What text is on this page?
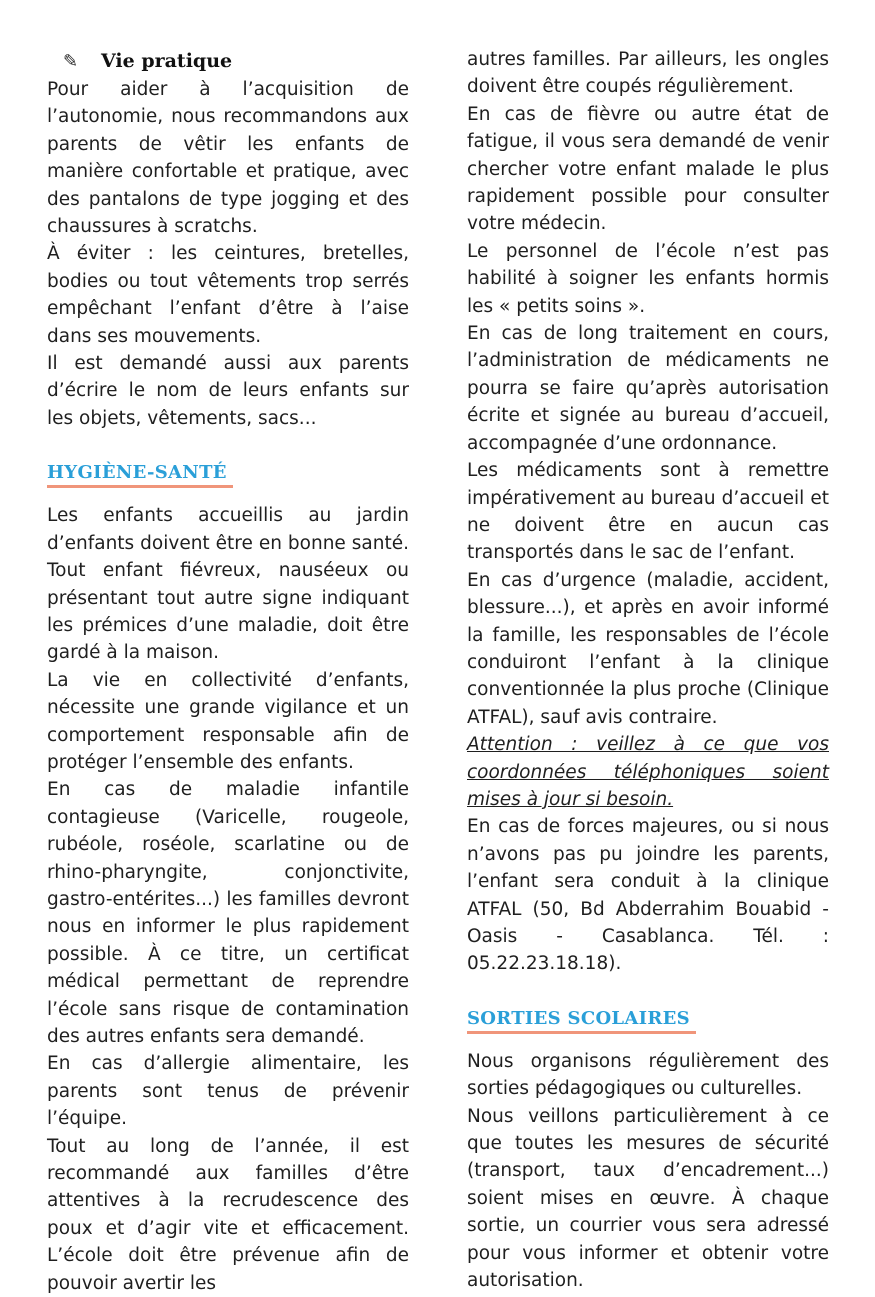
✎	Vie pratique

Pour aider à l’acquisition de l’autonomie, nous recommandons aux parents de vêtir les enfants de manière confortable et pratique, avec des pantalons de type jogging et des chaussures à scratchs.

À éviter : les ceintures, bretelles, bodies ou tout vêtements trop serrés empêchant l’enfant d’être à l’aise dans ses mouvements.

Il est demandé aussi aux parents d’écrire le nom de leurs enfants sur les objets, vêtements, sacs...

HYGIÈNE-SANTÉ

Les enfants accueillis au jardin d’enfants doivent être en bonne santé. Tout enfant fiévreux, nauséeux ou présentant tout autre signe indiquant les prémices d’une maladie, doit être gardé à la maison.

La vie en collectivité d’enfants, nécessite une grande vigilance et un comportement responsable afin de protéger l’ensemble des enfants.

En cas de maladie infantile contagieuse (Varicelle, rougeole, rubéole, roséole, scarlatine ou de rhino-pharyngite, conjonctivite, gastro-entérites...) les familles devront nous en informer le plus rapidement possible. À ce titre, un certificat médical permettant de reprendre l’école sans risque de contamination des autres enfants sera demandé.

En cas d’allergie alimentaire, les parents sont tenus de prévenir l’équipe.

Tout au long de l’année, il est recommandé aux familles d’être attentives à la recrudescence des poux et d’agir vite et efficacement. L’école doit être prévenue afin de pouvoir avertir les

autres familles. Par ailleurs, les ongles doivent être coupés régulièrement.

En cas de fièvre ou autre état de fatigue, il vous sera demandé de venir chercher votre enfant malade le plus rapidement possible pour consulter votre médecin.

Le personnel de l’école n’est pas habilité à soigner les enfants hormis les « petits soins ».

En cas de long traitement en cours, l’administration de médicaments ne pourra se faire qu’après autorisation écrite et signée au bureau d’accueil, accompagnée d’une ordonnance.

Les médicaments sont à remettre impérativement au bureau d’accueil et ne doivent être en aucun cas transportés dans le sac de l’enfant.

En cas d’urgence (maladie, accident, blessure...), et après en avoir informé la famille, les responsables de l’école conduiront l’enfant à la clinique conventionnée la plus proche (Clinique ATFAL), sauf avis contraire.

Attention : veillez à ce que vos coordonnées téléphoniques soient mises à jour si besoin.

En cas de forces majeures, ou si nous n’avons pas pu joindre les parents, l’enfant sera conduit à la clinique ATFAL (50, Bd Abderrahim Bouabid - Oasis - Casablanca. Tél. : 05.22.23.18.18).

SORTIES SCOLAIRES

Nous organisons régulièrement des sorties pédagogiques ou culturelles.

Nous veillons particulièrement à ce que toutes les mesures de sécurité (transport, taux d’encadrement...) soient mises en œuvre. À chaque sortie, un courrier vous sera adressé pour vous informer et obtenir votre autorisation.
